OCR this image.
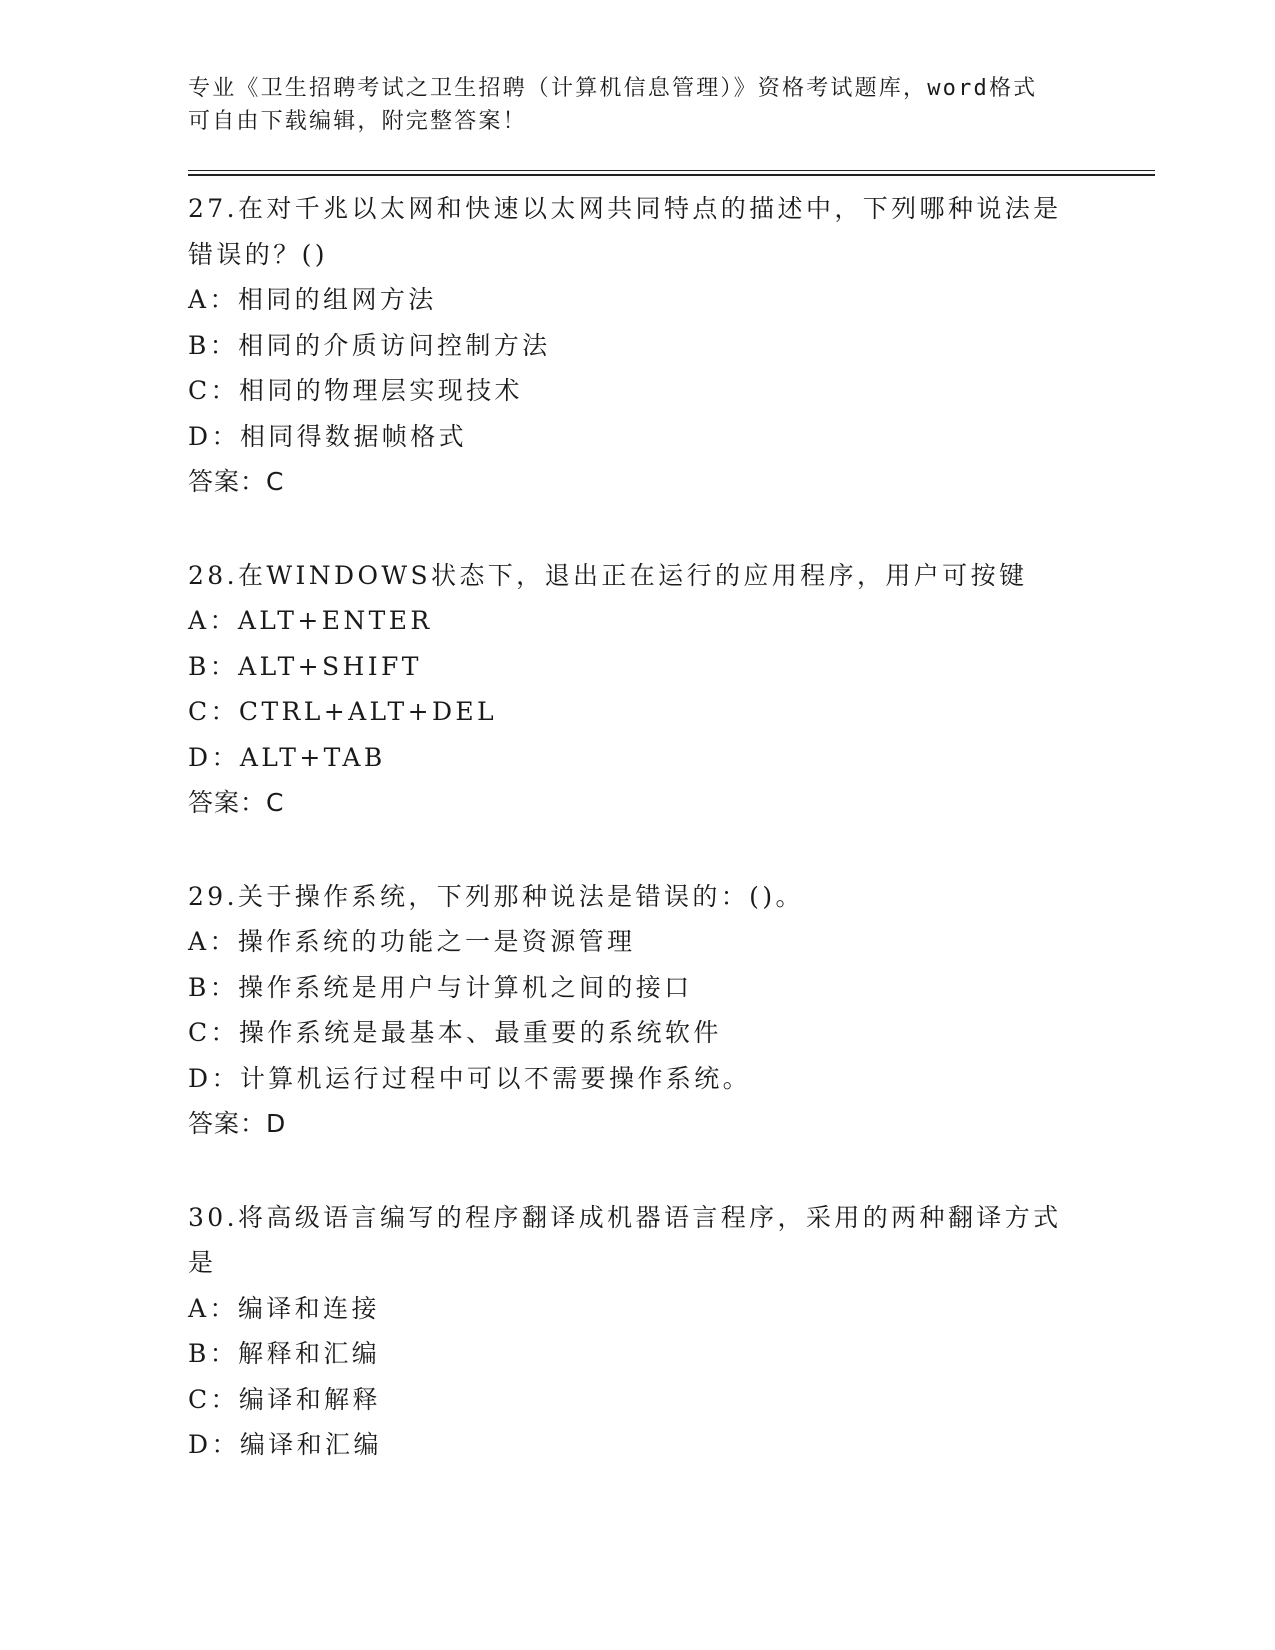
专业《卫生招聘考试之卫生招聘（计算机信息管理）》资格考试题库，word格式
可自由下载编辑，附完整答案！
27.在对千兆以太网和快速以太网共同特点的描述中，下列哪种说法是
错误的？()
A：相同的组网方法
B：相同的介质访问控制方法
C：相同的物理层实现技术
D：相同得数据帧格式
答案：C
28.在WINDOWS状态下，退出正在运行的应用程序，用户可按键
A：ALT+ENTER
B：ALT+SHIFT
C：CTRL+ALT+DEL
D：ALT+TAB
答案：C
29.关于操作系统，下列那种说法是错误的：()。
A：操作系统的功能之一是资源管理
B：操作系统是用户与计算机之间的接口
C：操作系统是最基本、最重要的系统软件
D：计算机运行过程中可以不需要操作系统。
答案：D
30.将高级语言编写的程序翻译成机器语言程序，采用的两种翻译方式
是
A：编译和连接
B：解释和汇编
C：编译和解释
D：编译和汇编
